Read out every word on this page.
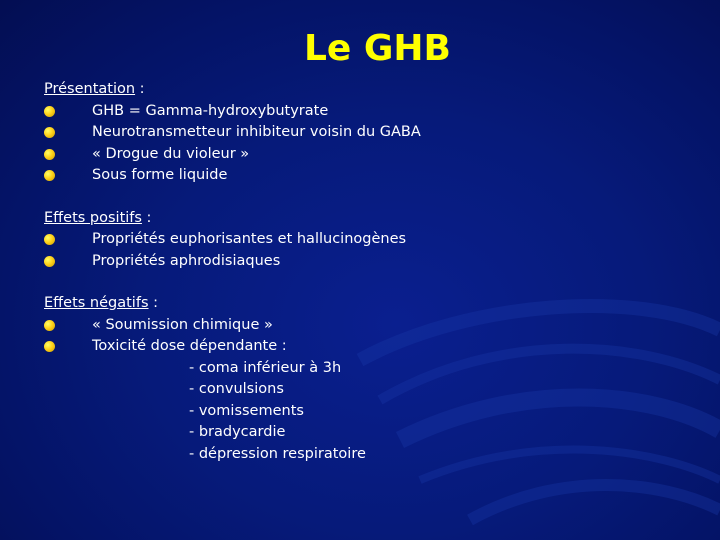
Le GHB
Présentation :
GHB = Gamma-hydroxybutyrate
Neurotransmetteur inhibiteur voisin du GABA
« Drogue du violeur »
Sous forme liquide
Effets positifs :
Propriétés euphorisantes et hallucinogènes
Propriétés aphrodisiaques
Effets négatifs :
« Soumission chimique »
Toxicité dose dépendante :
- coma inférieur à 3h
- convulsions
- vomissements
- bradycardie
- dépression respiratoire
